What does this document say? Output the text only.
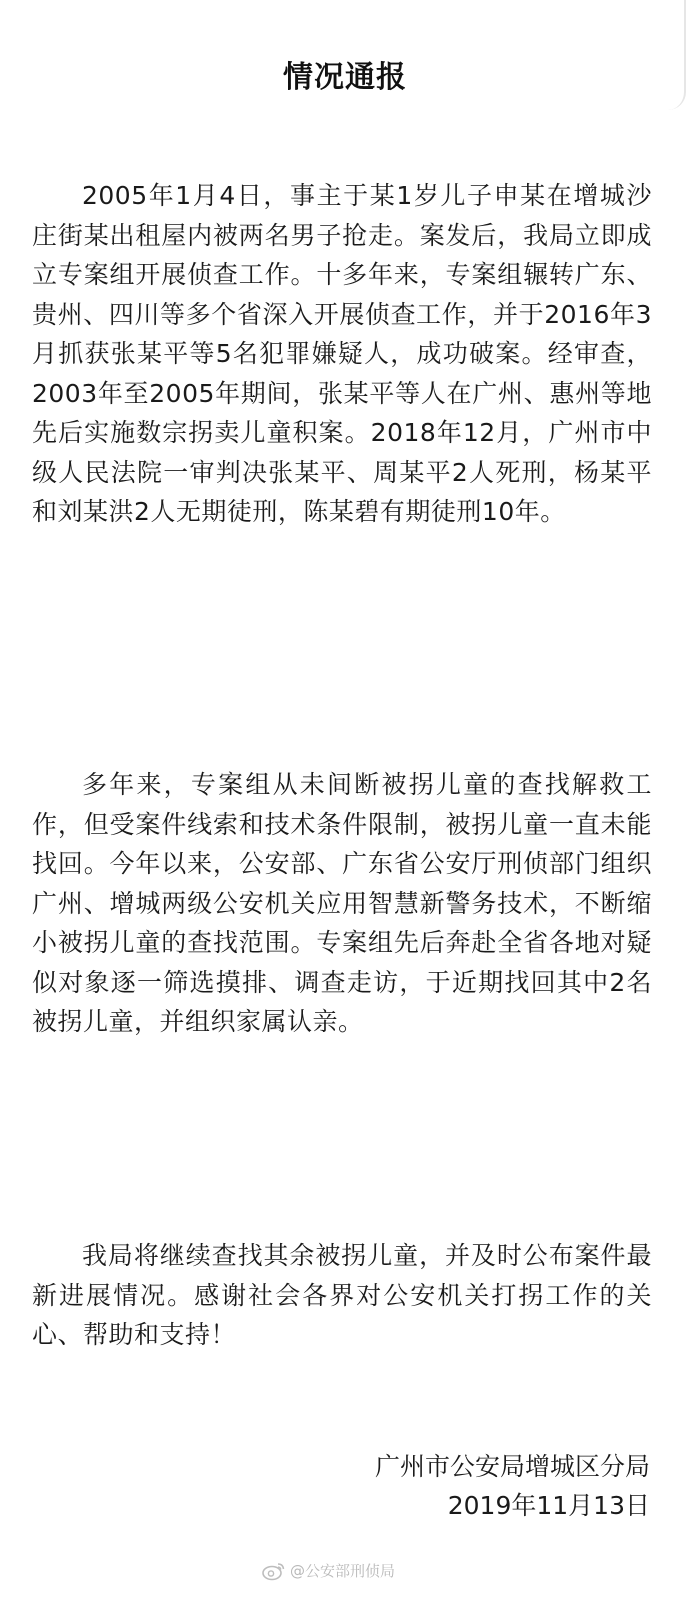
情况通报

2005年1月4日，事主于某1岁儿子申某在增城沙庄街某出租屋内被两名男子抢走。案发后，我局立即成立专案组开展侦查工作。十多年来，专案组辗转广东、贵州、四川等多个省深入开展侦查工作，并于2016年3月抓获张某平等5名犯罪嫌疑人，成功破案。经审查，2003年至2005年期间，张某平等人在广州、惠州等地先后实施数宗拐卖儿童积案。2018年12月，广州市中级人民法院一审判决张某平、周某平2人死刑，杨某平和刘某洪2人无期徒刑，陈某碧有期徒刑10年。

多年来，专案组从未间断被拐儿童的查找解救工作，但受案件线索和技术条件限制，被拐儿童一直未能找回。今年以来，公安部、广东省公安厅刑侦部门组织广州、增城两级公安机关应用智慧新警务技术，不断缩小被拐儿童的查找范围。专案组先后奔赴全省各地对疑似对象逐一筛选摸排、调查走访，于近期找回其中2名被拐儿童，并组织家属认亲。

我局将继续查找其余被拐儿童，并及时公布案件最新进展情况。感谢社会各界对公安机关打拐工作的关心、帮助和支持！

广州市公安局增城区分局
2019年11月13日
@公安部刑侦局
